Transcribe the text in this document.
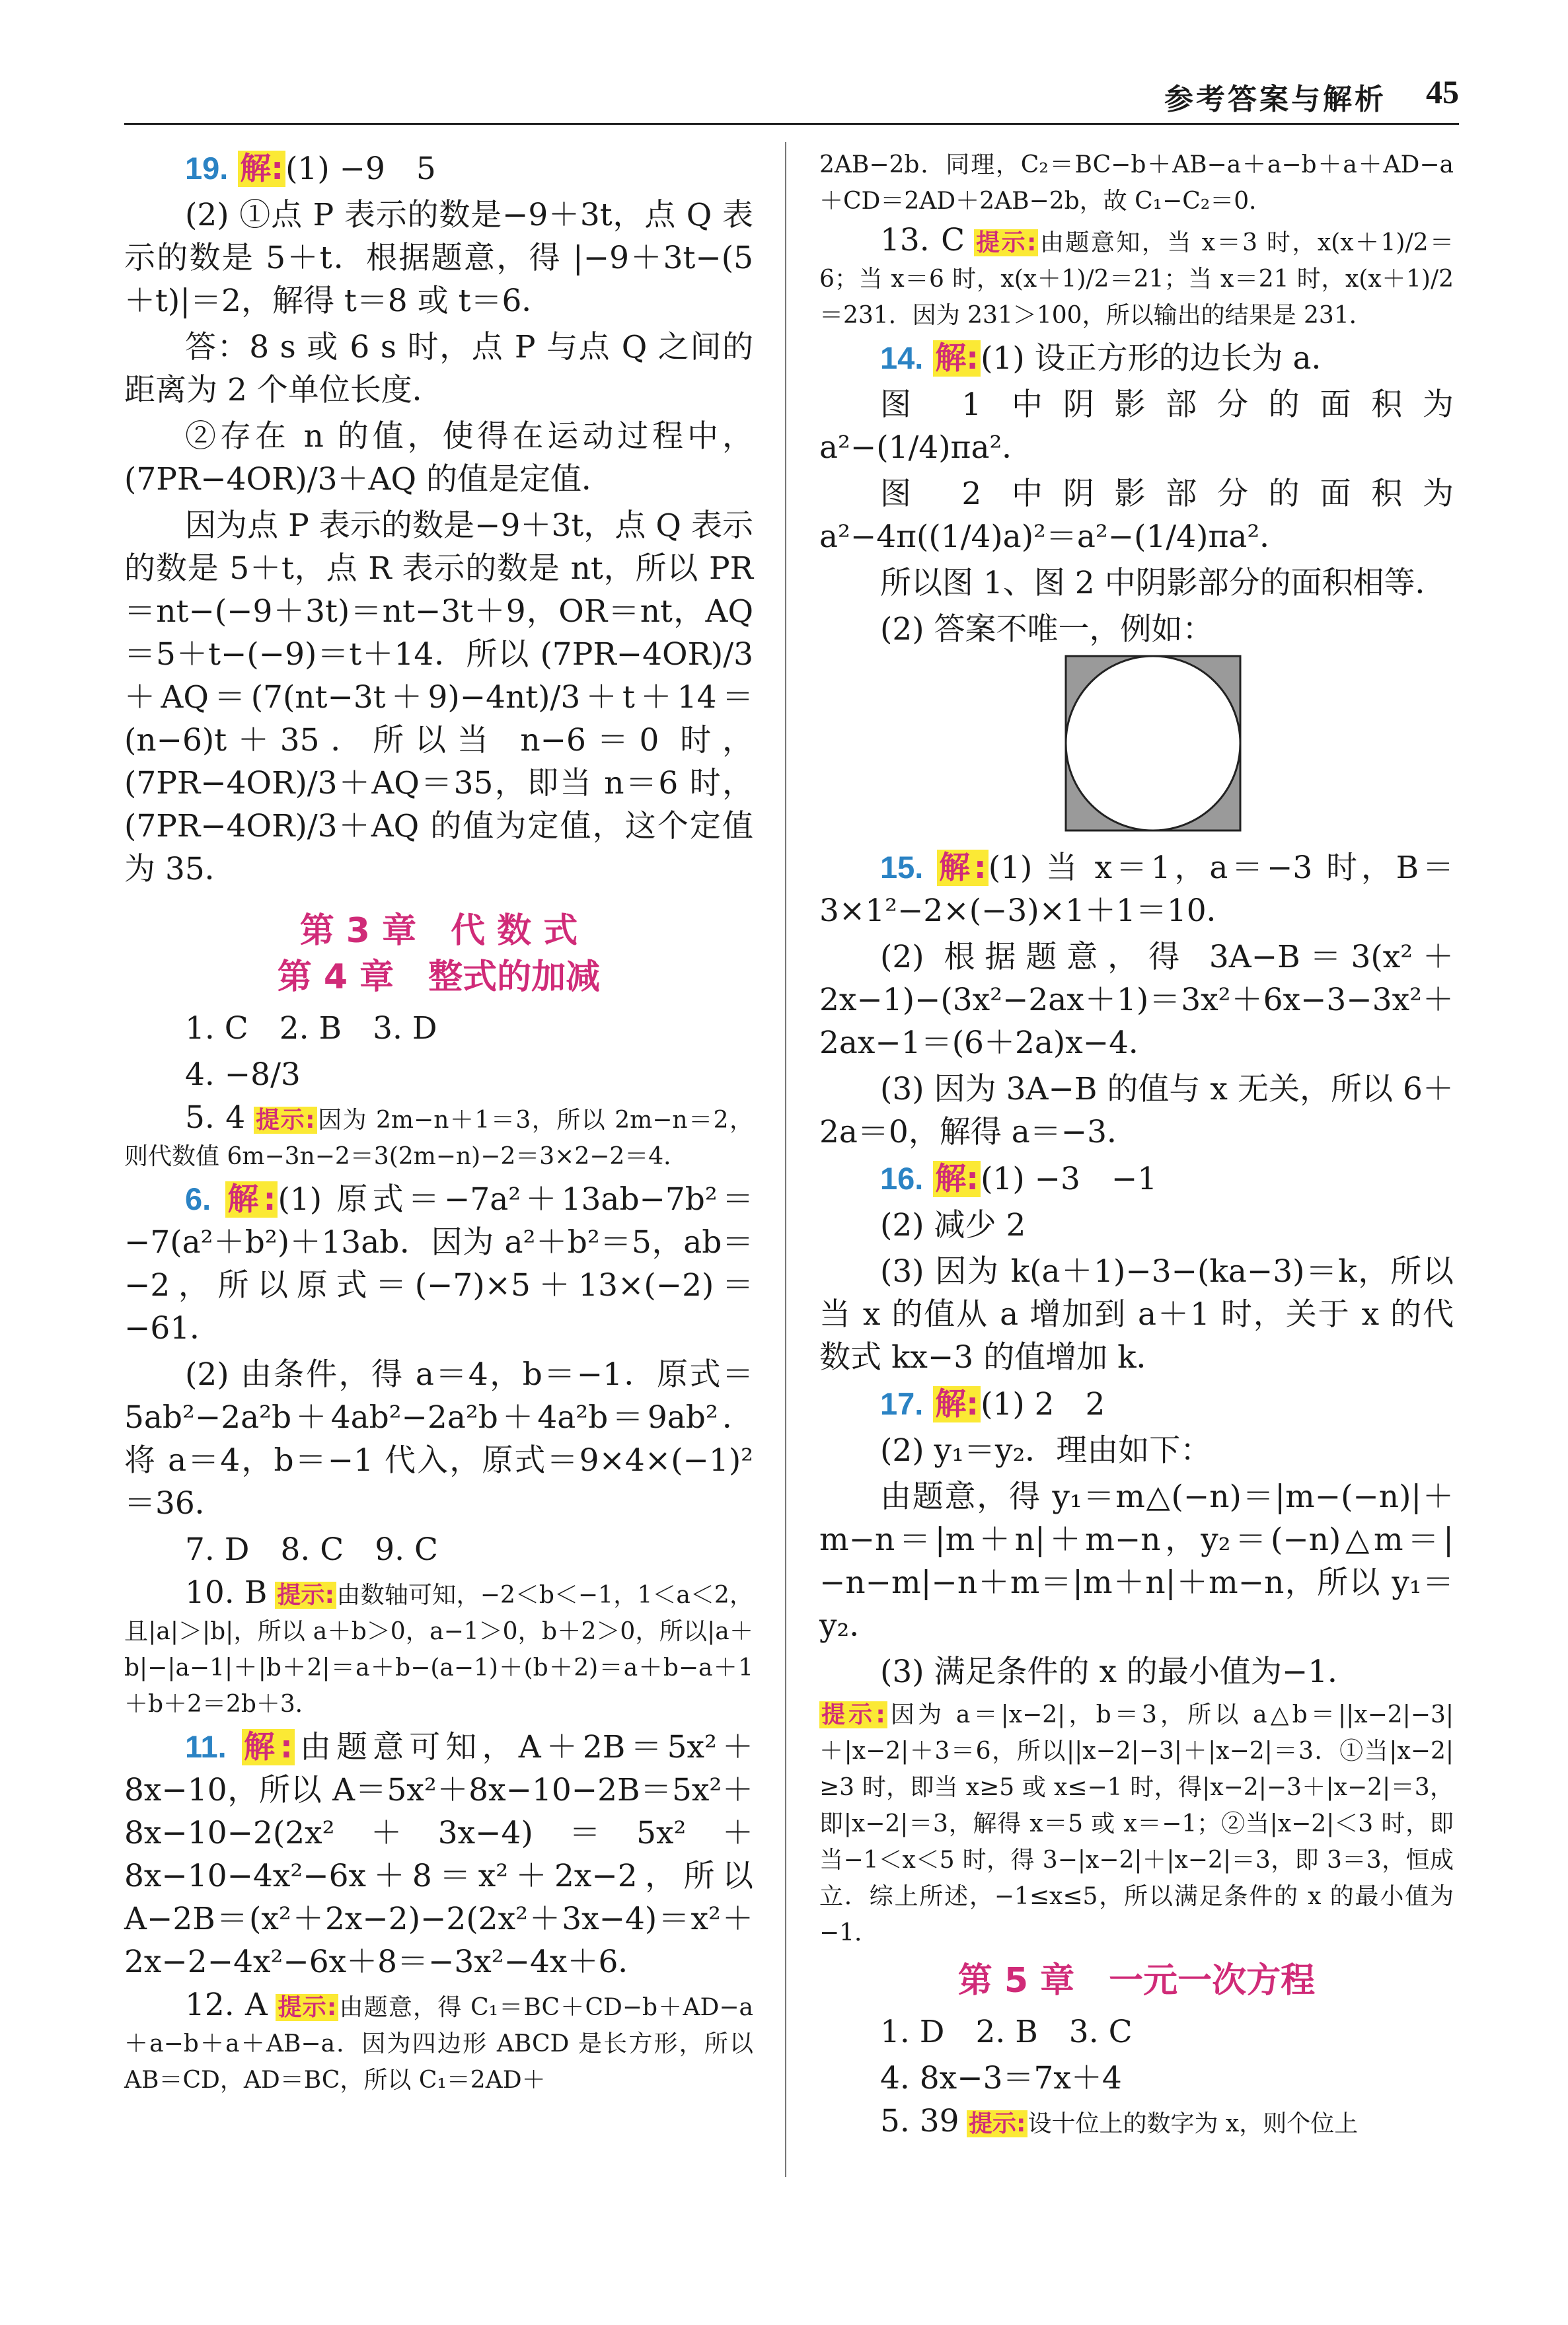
参考答案与解析 45

19. 解:(1) −9　5

(2) ①点 P 表示的数是−9＋3t，点 Q 表示的数是 5＋t．根据题意，得 |−9＋3t−(5＋t)|＝2，解得 t＝8 或 t＝6．

答：8 s 或 6 s 时，点 P 与点 Q 之间的距离为 2 个单位长度．

②存在 n 的值，使得在运动过程中，(7PR−4OR)/3＋AQ 的值是定值．

因为点 P 表示的数是−9＋3t，点 Q 表示的数是 5＋t，点 R 表示的数是 nt，所以 PR＝nt−(−9＋3t)＝nt−3t＋9，OR＝nt，AQ＝5＋t−(−9)＝t＋14．所以 (7PR−4OR)/3＋AQ＝(7(nt−3t＋9)−4nt)/3＋t＋14＝(n−6)t＋35．所以当 n−6＝0 时，(7PR−4OR)/3＋AQ＝35，即当 n＝6 时，(7PR−4OR)/3＋AQ 的值为定值，这个定值为 35．

第 3 章　代 数 式
第 4 章　整式的加减

1. C　2. B　3. D

4. −8/3

5. 4 提示:因为 2m−n＋1＝3，所以 2m−n＝2，则代数值 6m−3n−2＝3(2m−n)−2＝3×2−2＝4．

6. 解:(1) 原式＝−7a²＋13ab−7b²＝−7(a²＋b²)＋13ab．因为 a²＋b²＝5，ab＝−2，所以原式＝(−7)×5＋13×(−2)＝−61．

(2) 由条件，得 a＝4，b＝−1．原式＝5ab²−2a²b＋4ab²−2a²b＋4a²b＝9ab²．将 a＝4，b＝−1 代入，原式＝9×4×(−1)²＝36．

7. D　8. C　9. C

10. B 提示:由数轴可知，−2＜b＜−1，1＜a＜2，且|a|＞|b|，所以 a＋b＞0，a−1＞0，b＋2＞0，所以|a＋b|−|a−1|＋|b＋2|＝a＋b−(a−1)＋(b＋2)＝a＋b−a＋1＋b＋2＝2b＋3．

11. 解:由题意可知，A＋2B＝5x²＋8x−10，所以 A＝5x²＋8x−10−2B＝5x²＋8x−10−2(2x²＋3x−4)＝5x²＋8x−10−4x²−6x＋8＝x²＋2x−2，所以 A−2B＝(x²＋2x−2)−2(2x²＋3x−4)＝x²＋2x−2−4x²−6x＋8＝−3x²−4x＋6．

12. A 提示:由题意，得 C₁＝BC＋CD−b＋AD−a＋a−b＋a＋AB−a．因为四边形 ABCD 是长方形，所以 AB＝CD，AD＝BC，所以 C₁＝2AD＋

2AB−2b．同理，C₂＝BC−b＋AB−a＋a−b＋a＋AD−a＋CD＝2AD＋2AB−2b，故 C₁−C₂＝0．

13. C 提示:由题意知，当 x＝3 时，x(x＋1)/2＝6；当 x＝6 时，x(x＋1)/2＝21；当 x＝21 时，x(x＋1)/2＝231．因为 231＞100，所以输出的结果是 231．

14. 解:(1) 设正方形的边长为 a．

图 1 中阴影部分的面积为 a²−(1/4)πa²．

图 2 中阴影部分的面积为 a²−4π((1/4)a)²＝a²−(1/4)πa²．

所以图 1、图 2 中阴影部分的面积相等．

(2) 答案不唯一，例如：

15. 解:(1) 当 x＝1，a＝−3 时，B＝3×1²−2×(−3)×1＋1＝10．

(2) 根据题意，得 3A−B＝3(x²＋2x−1)−(3x²−2ax＋1)＝3x²＋6x−3−3x²＋2ax−1＝(6＋2a)x−4．

(3) 因为 3A−B 的值与 x 无关，所以 6＋2a＝0，解得 a＝−3．

16. 解:(1) −3　−1

(2) 减少 2

(3) 因为 k(a＋1)−3−(ka−3)＝k，所以当 x 的值从 a 增加到 a＋1 时，关于 x 的代数式 kx−3 的值增加 k．

17. 解:(1) 2　2

(2) y₁＝y₂．理由如下：

由题意，得 y₁＝m△(−n)＝|m−(−n)|＋m−n＝|m＋n|＋m−n，y₂＝(−n)△m＝|−n−m|−n＋m＝|m＋n|＋m−n，所以 y₁＝y₂．

(3) 满足条件的 x 的最小值为−1．

提示:因为 a＝|x−2|，b＝3，所以 a△b＝||x−2|−3|＋|x−2|＋3＝6，所以||x−2|−3|＋|x−2|＝3．①当|x−2|≥3 时，即当 x≥5 或 x≤−1 时，得|x−2|−3＋|x−2|＝3，即|x−2|＝3，解得 x＝5 或 x＝−1；②当|x−2|＜3 时，即当−1＜x＜5 时，得 3−|x−2|＋|x−2|＝3，即 3＝3，恒成立．综上所述，−1≤x≤5，所以满足条件的 x 的最小值为−1．

第 5 章　一元一次方程

1. D　2. B　3. C

4. 8x−3＝7x＋4

5. 39 提示:设十位上的数字为 x，则个位上
